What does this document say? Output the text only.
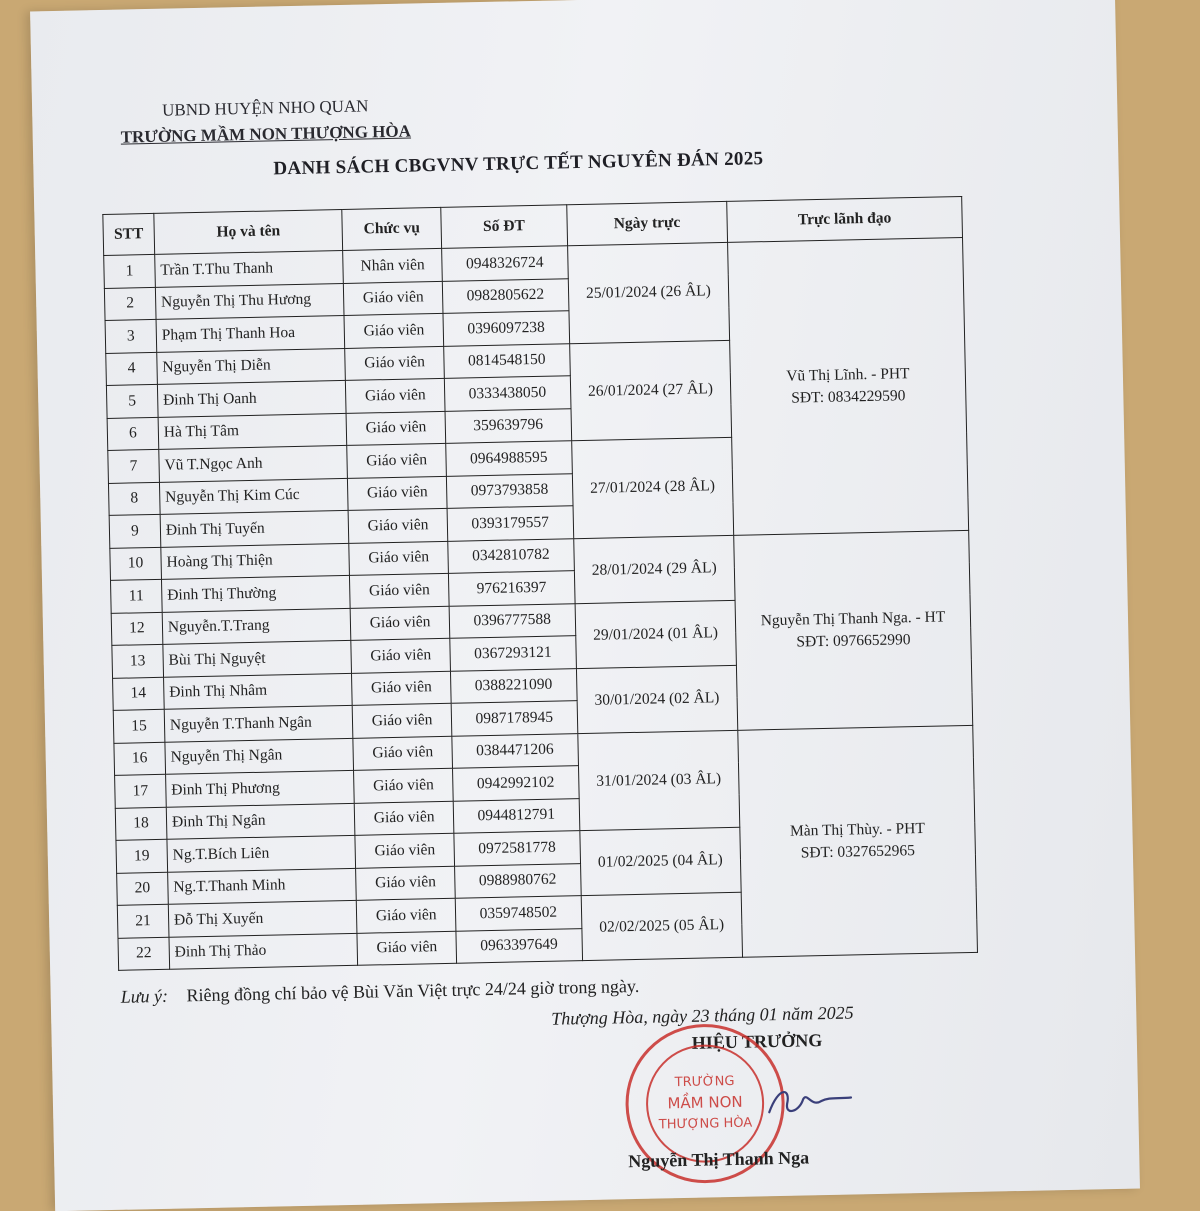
UBND HUYỆN NHO QUAN
TRƯỜNG MẦM NON THƯỢNG HÒA
DANH SÁCH CBGVNV TRỰC TẾT NGUYÊN ĐÁN 2025
STT	Họ và tên	Chức vụ	Số ĐT	Ngày trực	Trực lãnh đạo
1	Trần T.Thu Thanh	Nhân viên	0948326724	25/01/2024 (26 ÂL)	Vũ Thị Lĩnh. - PHT
SĐT: 0834229590

2	Nguyễn Thị Thu Hương	Giáo viên	0982805622		
3	Phạm Thị Thanh Hoa	Giáo viên	0396097238		
4	Nguyễn Thị Diễn	Giáo viên	0814548150	26/01/2024 (27 ÂL)	
5	Đinh Thị Oanh	Giáo viên	0333438050		
6	Hà Thị Tâm	Giáo viên	359639796		
7	Vũ T.Ngọc Anh	Giáo viên	0964988595	27/01/2024 (28 ÂL)	
8	Nguyễn Thị Kim Cúc	Giáo viên	0973793858		
9	Đinh Thị Tuyến	Giáo viên	0393179557		
10	Hoàng Thị Thiện	Giáo viên	0342810782	28/01/2024 (29 ÂL)	Nguyễn Thị Thanh Nga. - HT
SĐT: 0976652990

11	Đinh Thị Thường	Giáo viên	976216397		
12	Nguyễn.T.Trang	Giáo viên	0396777588	29/01/2024 (01 ÂL)	
13	Bùi Thị Nguyệt	Giáo viên	0367293121		
14	Đinh Thị Nhâm	Giáo viên	0388221090	30/01/2024 (02 ÂL)	
15	Nguyễn T.Thanh Ngân	Giáo viên	0987178945		
16	Nguyễn Thị Ngân	Giáo viên	0384471206	31/01/2024 (03 ÂL)	Màn Thị Thùy. - PHT
SĐT: 0327652965

17	Đinh Thị Phương	Giáo viên	0942992102		
18	Đinh Thị Ngân	Giáo viên	0944812791		
19	Ng.T.Bích Liên	Giáo viên	0972581778	01/02/2025 (04 ÂL)	
20	Ng.T.Thanh Minh	Giáo viên	0988980762		
21	Đỗ Thị Xuyến	Giáo viên	0359748502	02/02/2025 (05 ÂL)	
22	Đinh Thị Thảo	Giáo viên	0963397649		
Lưu ý: Riêng đồng chí bảo vệ Bùi Văn Việt trực 24/24 giờ trong ngày.
Thượng Hòa, ngày 23 tháng 01 năm 2025
HIỆU TRƯỞNG
TRƯỜNG
MẦM NON
THƯỢNG HÒA
Nguyễn Thị Thanh Nga
